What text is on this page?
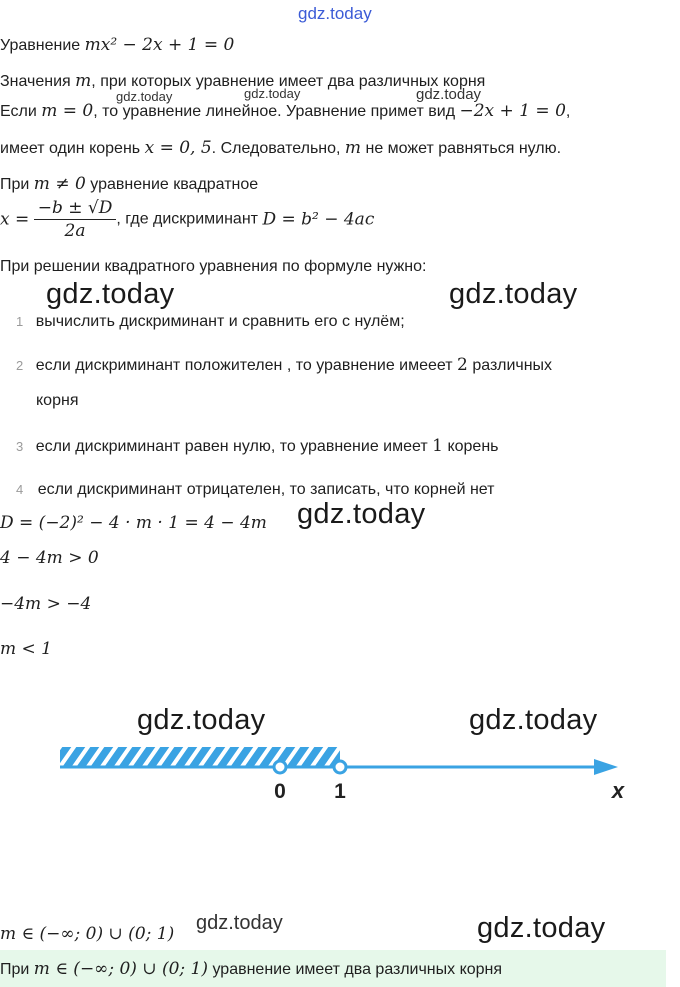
gdz.today
Уравнение mx² − 2x + 1 = 0
Значения m, при которых уравнение имеет два различных корня
gdz.today	gdz.today	gdz.today
Если m = 0, то уравнение линейное. Уравнение примет вид −2x + 1 = 0,
имеет один корень x = 0, 5. Следовательно, m не может равняться нулю.
При m ≠ 0 уравнение квадратное
$x = \frac{-b \pm √D}{2a}$ , где дискриминант D = b² − 4ac
При решении квадратного уравнения по формуле нужно:
gdz.today	gdz.today
1 вычислить дискриминант и сравнить его с нулём;
2 если дискриминант положителен , то уравнение имееет 2 различных
корня
3 если дискриминант равен нулю, то уравнение имеет 1 корень
4 если дискриминант отрицателен, то записать, что корней нет
D = (−2)² − 4 · m · 1 = 4 − 4m gdz.today
4 − 4m > 0
−4m > −4
m < 1
gdz.today	gdz.today
0 1	x
m ∈ (−∞; 0) ∪ (0; 1) gdz.today	gdz.today
При m ∈ (−∞; 0) ∪ (0; 1) уравнение имеет два различных корня
